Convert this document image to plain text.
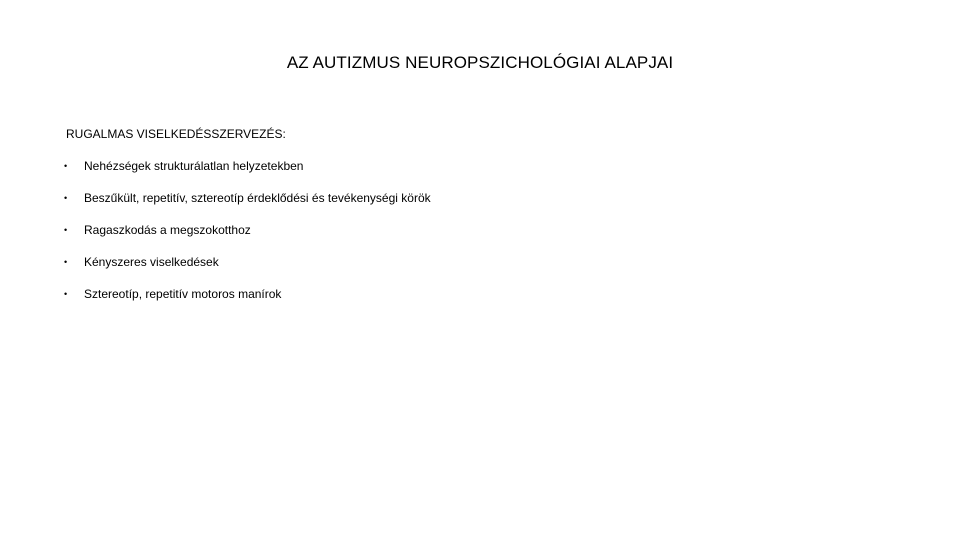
AZ AUTIZMUS NEUROPSZICHOLÓGIAI ALAPJAI
RUGALMAS VISELKEDÉSSZERVEZÉS:
•	Nehézségek strukturálatlan helyzetekben
•	Beszűkült, repetitív, sztereotíp érdeklődési és tevékenységi körök
•	Ragaszkodás a megszokotthoz
•	Kényszeres viselkedések
•	Sztereotíp, repetitív motoros manírok
